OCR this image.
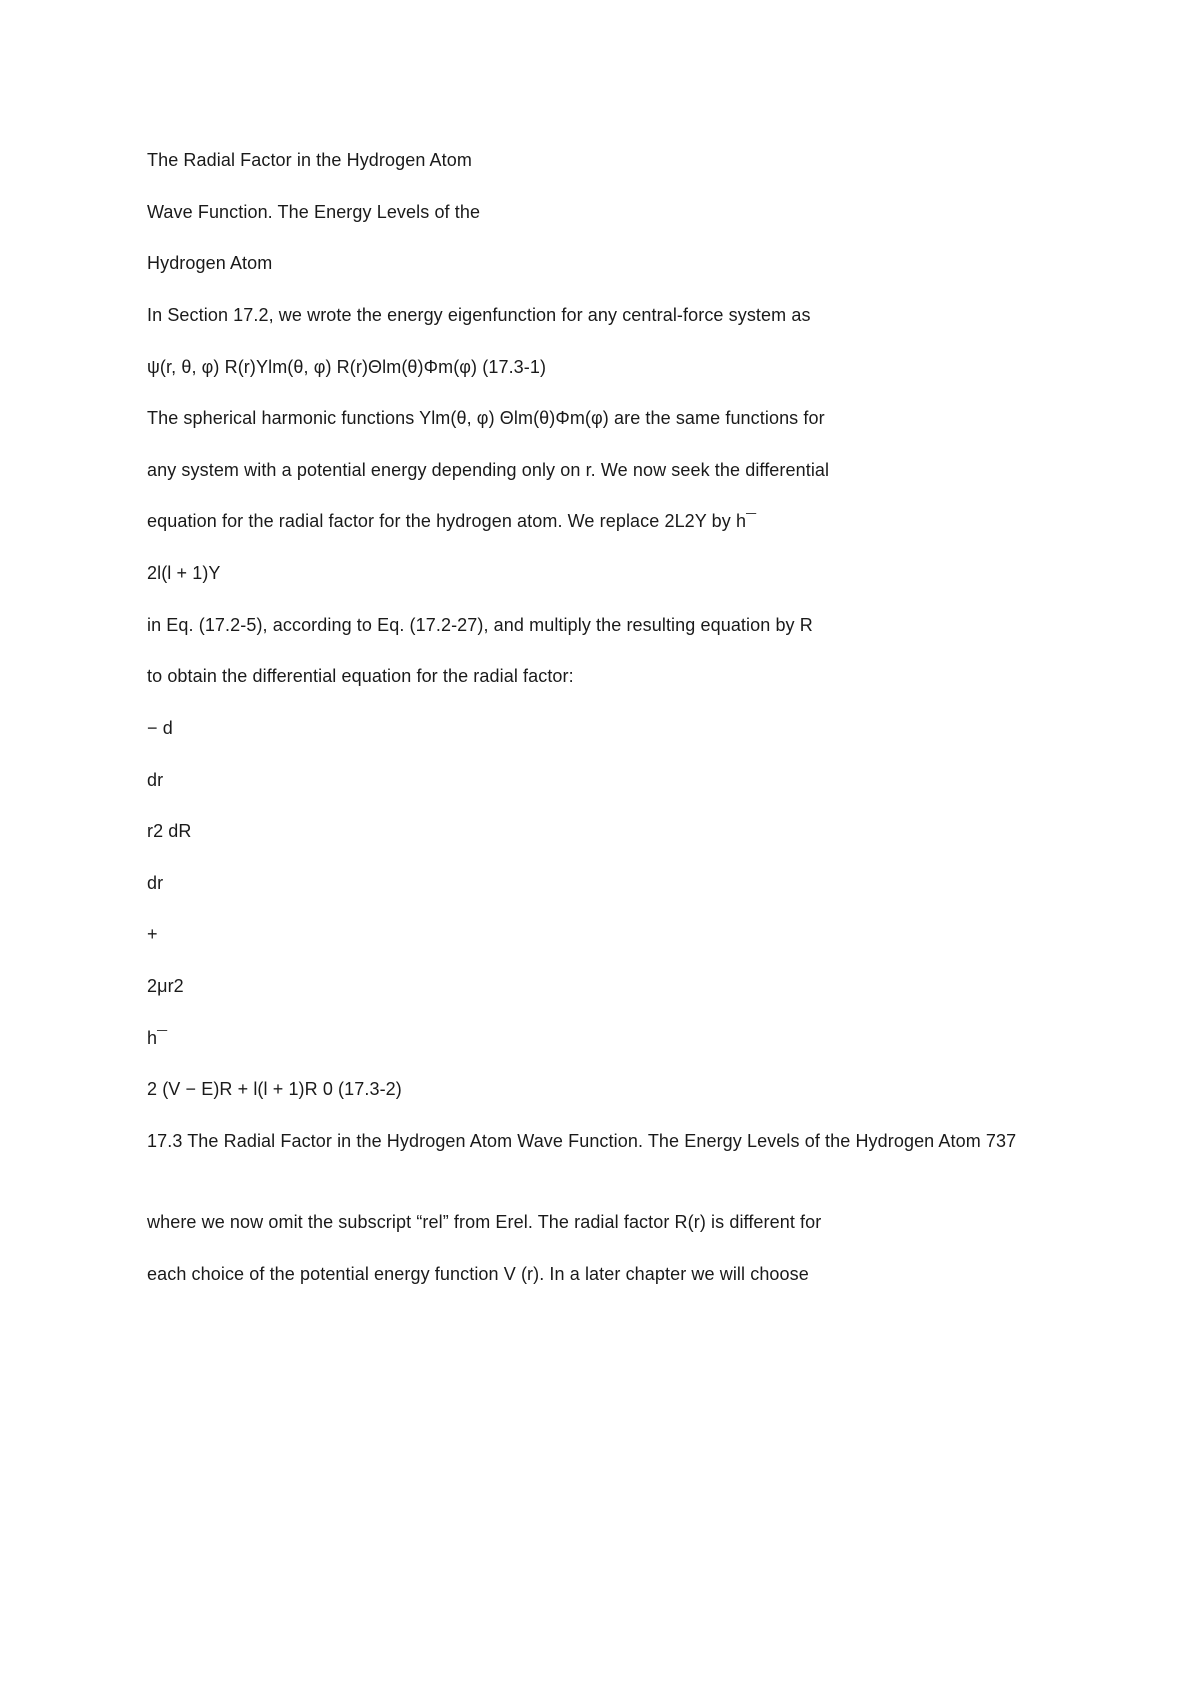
The Radial Factor in the Hydrogen Atom
Wave Function. The Energy Levels of the
Hydrogen Atom
In Section 17.2, we wrote the energy eigenfunction for any central-force system as
ψ(r, θ, φ) R(r)Ylm(θ, φ) R(r)Θlm(θ)Φm(φ) (17.3-1)
The spherical harmonic functions Ylm(θ, φ) Θlm(θ)Φm(φ) are the same functions for
any system with a potential energy depending only on r. We now seek the differential
equation for the radial factor for the hydrogen atom. We replace 2L2Y by h¯
2l(l + 1)Y
in Eq. (17.2-5), according to Eq. (17.2-27), and multiply the resulting equation by R
to obtain the differential equation for the radial factor:
− d
dr
r2 dR
dr
+
2μr2
h¯
2 (V − E)R + l(l + 1)R 0 (17.3-2)
17.3 The Radial Factor in the Hydrogen Atom Wave Function. The Energy Levels of the Hydrogen Atom 737
where we now omit the subscript “rel” from Erel. The radial factor R(r) is different for
each choice of the potential energy function V (r). In a later chapter we will choose
